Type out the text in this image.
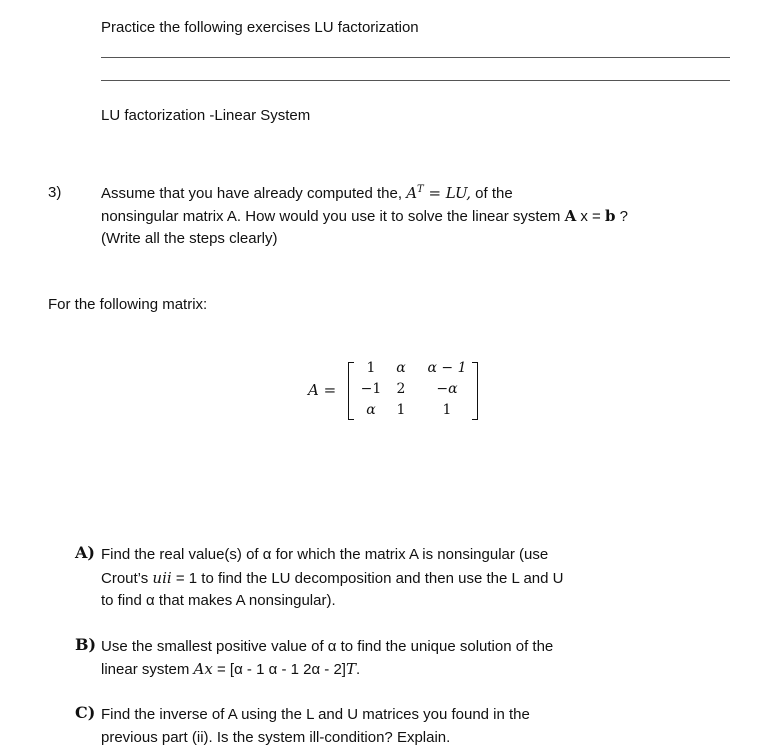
Practice the following exercises LU factorization
LU factorization -Linear System
3)	Assume that you have already computed the, $A^T$ = LU, of the
nonsingular matrix A. How would you use it to solve the linear system A x = b ?
(Write all the steps clearly)
For the following matrix:
A =
1	α	α − 1
−1	2	−α
α	1	1
A) Find the real value(s) of α for which the matrix A is nonsingular (use
Crout’s uii = 1 to find the LU decomposition and then use the L and U
to find α that makes A nonsingular).
B) Use the smallest positive value of α to find the unique solution of the
linear system Ax = [α - 1 α - 1 2α - 2]T.
C) Find the inverse of A using the L and U matrices you found in the
previous part (ii). Is the system ill-condition? Explain.
